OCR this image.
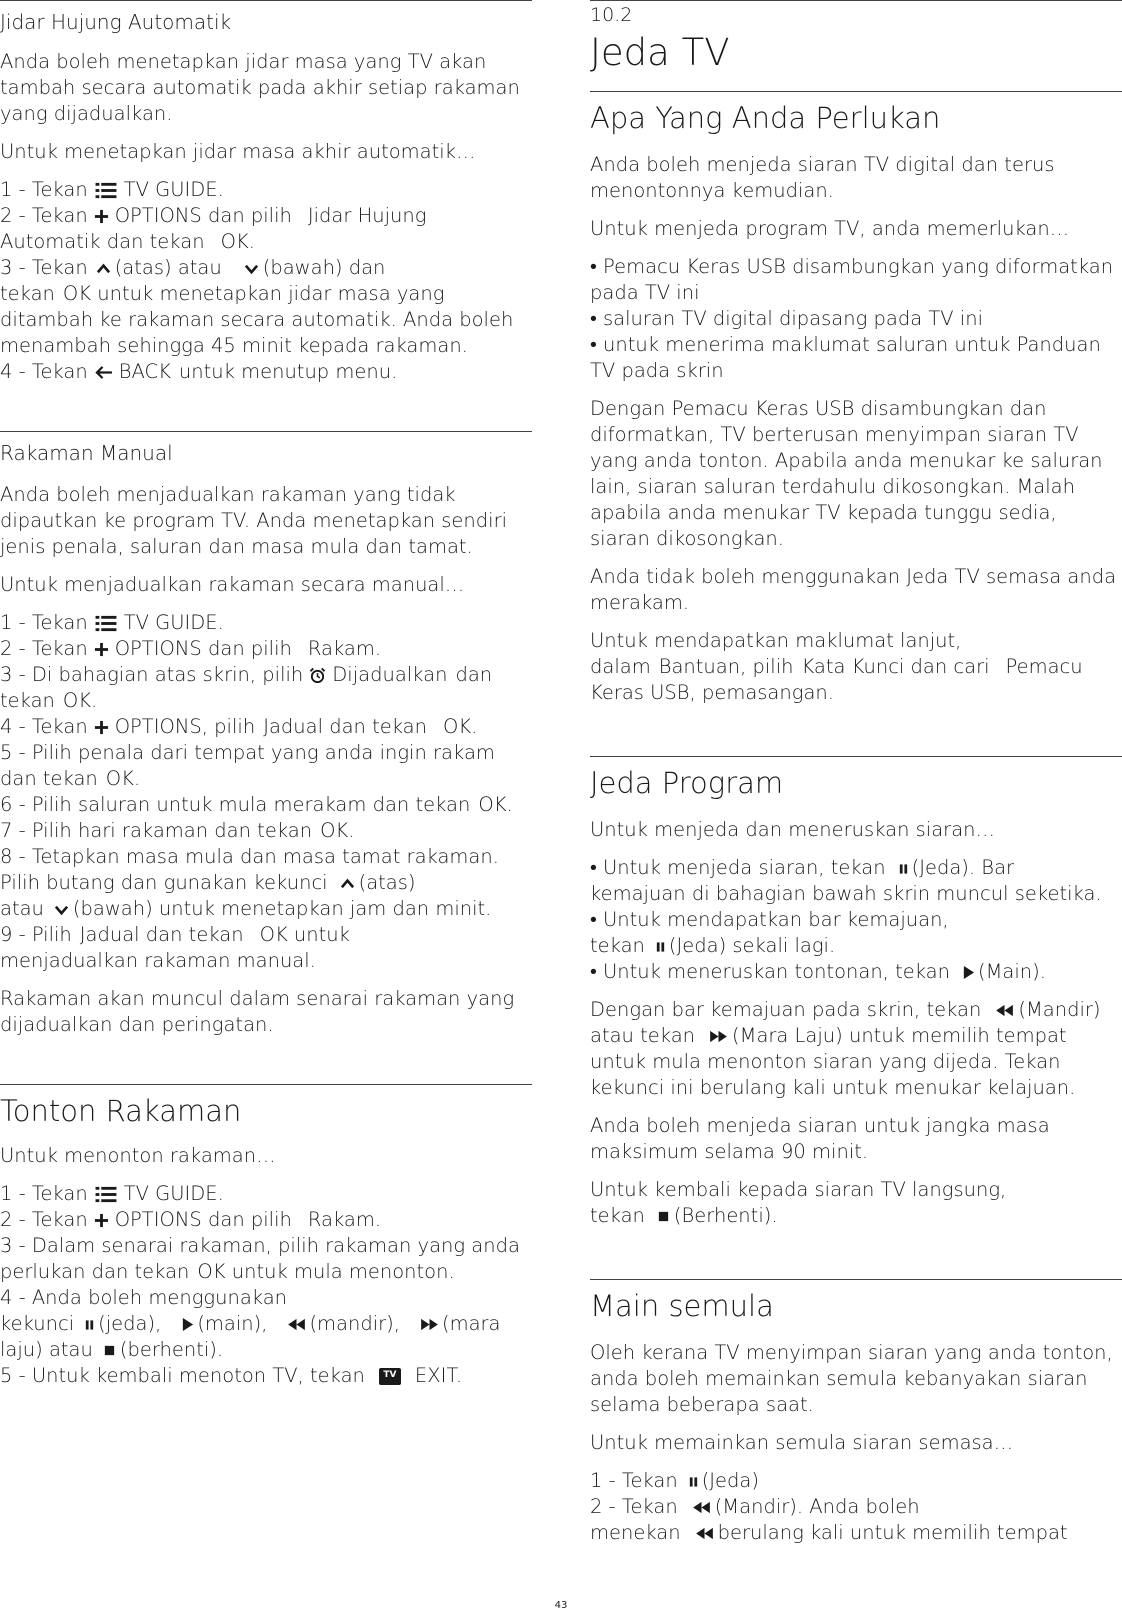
Jidar Hujung Automatik

Anda boleh menetapkan jidar masa yang TV akan tambah secara automatik pada akhir setiap rakaman yang dijadualkan.

Untuk menetapkan jidar masa akhir automatik…

1 - Tekan TV GUIDE.
2 - Tekan OPTIONS dan pilih Jidar Hujung
Automatik dan tekan OK.
3 - Tekan (atas) atau (bawah) dan
tekan OK untuk menetapkan jidar masa yang
ditambah ke rakaman secara automatik. Anda boleh
menambah sehingga 45 minit kepada rakaman.
4 - Tekan BACK untuk menutup menu.
Rakaman Manual

Anda boleh menjadualkan rakaman yang tidak dipautkan ke program TV. Anda menetapkan sendiri jenis penala, saluran dan masa mula dan tamat.

Untuk menjadualkan rakaman secara manual…

1 - Tekan TV GUIDE.
2 - Tekan OPTIONS dan pilih Rakam.
3 - Di bahagian atas skrin, pilih Dijadualkan dan
tekan OK.
4 - Tekan OPTIONS, pilih Jadual dan tekan OK.
5 - Pilih penala dari tempat yang anda ingin rakam
dan tekan OK.
6 - Pilih saluran untuk mula merakam dan tekan OK.
7 - Pilih hari rakaman dan tekan OK.
8 - Tetapkan masa mula dan masa tamat rakaman.
Pilih butang dan gunakan kekunci (atas)
atau (bawah) untuk menetapkan jam dan minit.
9 - Pilih Jadual dan tekan OK untuk
menjadualkan rakaman manual.

Rakaman akan muncul dalam senarai rakaman yang dijadualkan dan peringatan.

Tonton Rakaman

Untuk menonton rakaman…

1 - Tekan TV GUIDE.
2 - Tekan OPTIONS dan pilih Rakam.
3 - Dalam senarai rakaman, pilih rakaman yang anda
perlukan dan tekan OK untuk mula menonton.
4 - Anda boleh menggunakan
kekunci (jeda), (main), (mandir), (mara
laju) atau (berhenti).
5 - Untuk kembali menoton TV, tekan TV EXIT.
10.2
Jeda TV
Apa Yang Anda Perlukan

Anda boleh menjeda siaran TV digital dan terus menontonnya kemudian.

Untuk menjeda program TV, anda memerlukan…

• Pemacu Keras USB disambungkan yang diformatkan pada TV ini
• saluran TV digital dipasang pada TV ini
• untuk menerima maklumat saluran untuk Panduan TV pada skrin

Dengan Pemacu Keras USB disambungkan dan diformatkan, TV berterusan menyimpan siaran TV yang anda tonton. Apabila anda menukar ke saluran lain, siaran saluran terdahulu dikosongkan. Malah apabila anda menukar TV kepada tunggu sedia, siaran dikosongkan.

Anda tidak boleh menggunakan Jeda TV semasa anda merakam.

Untuk mendapatkan maklumat lanjut,
dalam Bantuan, pilih Kata Kunci dan cari Pemacu
Keras USB, pemasangan.
Jeda Program

Untuk menjeda dan meneruskan siaran…

• Untuk menjeda siaran, tekan (Jeda). Bar
kemajuan di bahagian bawah skrin muncul seketika.
• Untuk mendapatkan bar kemajuan,
tekan (Jeda) sekali lagi.
• Untuk meneruskan tontonan, tekan (Main).
Dengan bar kemajuan pada skrin, tekan (Mandir)
atau tekan (Mara Laju) untuk memilih tempat
untuk mula menonton siaran yang dijeda. Tekan
kekunci ini berulang kali untuk menukar kelajuan.

Anda boleh menjeda siaran untuk jangka masa maksimum selama 90 minit.

Untuk kembali kepada siaran TV langsung,
tekan (Berhenti).
Main semula

Oleh kerana TV menyimpan siaran yang anda tonton, anda boleh memainkan semula kebanyakan siaran selama beberapa saat.

Untuk memainkan semula siaran semasa…

1 - Tekan (Jeda)
2 - Tekan (Mandir). Anda boleh
menekan berulang kali untuk memilih tempat
43
